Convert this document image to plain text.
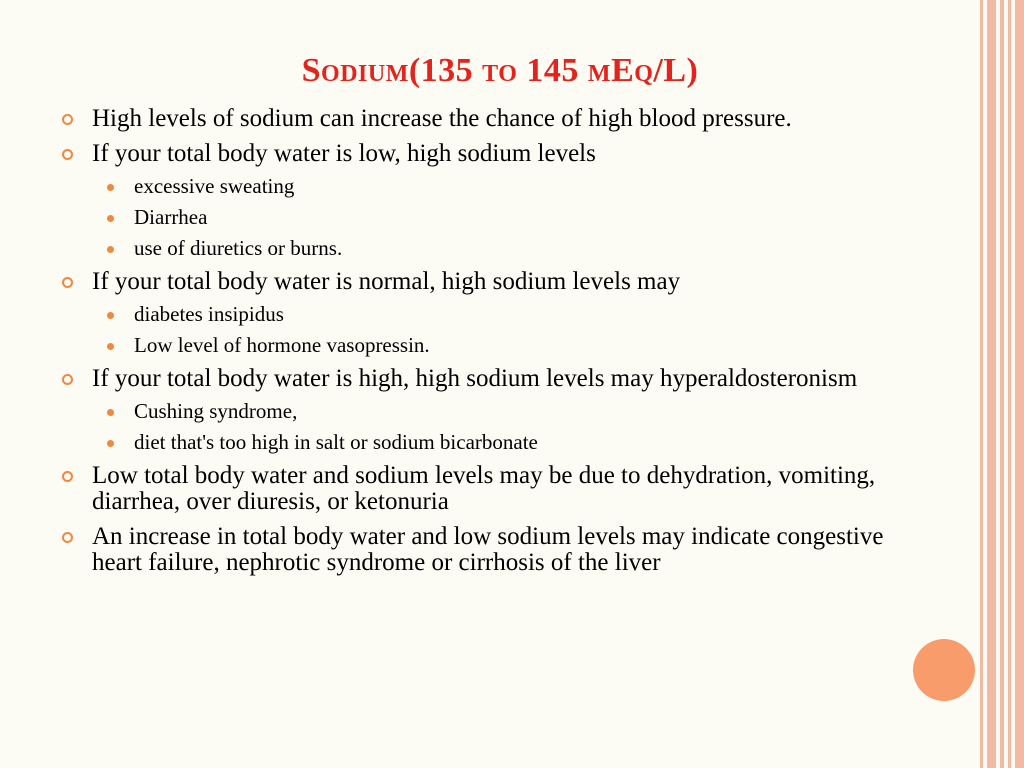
Sodium(135 to 145 mEq/L)
High levels of sodium can increase the chance of high blood pressure.
If your total body water is low, high sodium levels
excessive sweating
Diarrhea
use of diuretics or burns.
If your total body water is normal, high sodium levels may
diabetes insipidus
Low level of hormone vasopressin.
If your total body water is high, high sodium levels may hyperaldosteronism
Cushing syndrome,
diet that's too high in salt or sodium bicarbonate
Low total body water and sodium levels may be due to dehydration, vomiting, diarrhea, over diuresis, or ketonuria
An increase in total body water and low sodium levels may indicate congestive heart failure, nephrotic syndrome or cirrhosis of the liver
